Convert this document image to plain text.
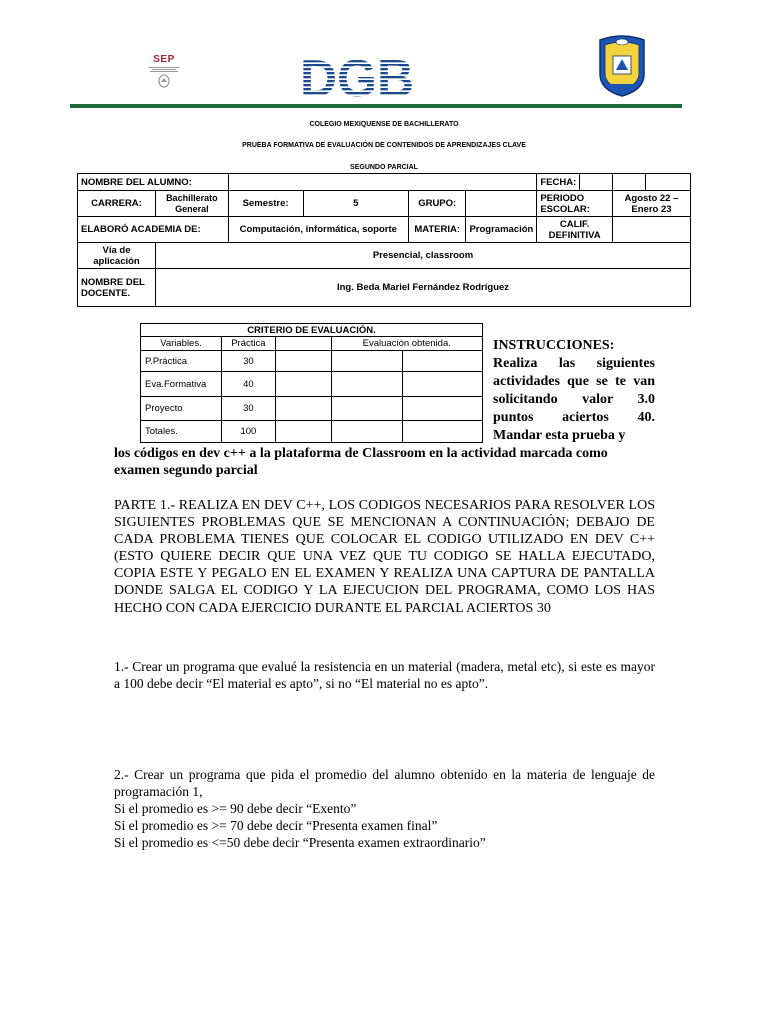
SEP DGB
COLEGIO MEXIQUENSE DE BACHILLERATO
PRUEBA FORMATIVA DE EVALUACIÓN DE CONTENIDOS DE APRENDIZAJES CLAVE
SEGUNDO PARCIAL
NOMBRE DEL ALUMNO:						FECHA:		

CARRERA:	Bachillerato General	Semestre:	5	GRUPO:		PERIODO ESCOLAR:		Agosto 22 – Enero 23
ELABORÓ ACADEMIA DE:		Computación, informática, soporte		MATERIA:	Programación	CALIF. DEFINITIVA		
Vía de aplicación	Presencial, classroom							
NOMBRE DEL DOCENTE.	Ing. Beda Mariel Fernández Rodríguez							
CRITERIO DE EVALUACIÓN.				
Variables.	Práctica		Evaluación obtenida.	
P.Práctica	30			
Eva.Formativa	40			
Proyecto	30			
Totales.	100			
INSTRUCCIONES:
Realiza las siguientes actividades que se te van solicitando valor 3.0 puntos aciertos 40. Mandar esta prueba y
los códigos en dev c++ a la plataforma de Classroom en la actividad marcada como examen segundo parcial
PARTE 1.- REALIZA EN DEV C++, LOS CODIGOS NECESARIOS PARA RESOLVER LOS SIGUIENTES PROBLEMAS QUE SE MENCIONAN A CONTINUACIÓN; DEBAJO DE CADA PROBLEMA TIENES QUE COLOCAR EL CODIGO UTILIZADO EN DEV C++ (ESTO QUIERE DECIR QUE UNA VEZ QUE TU CODIGO SE HALLA EJECUTADO, COPIA ESTE Y PEGALO EN EL EXAMEN Y REALIZA UNA CAPTURA DE PANTALLA DONDE SALGA EL CODIGO Y LA EJECUCION DEL PROGRAMA, COMO LOS HAS HECHO CON CADA EJERCICIO DURANTE EL PARCIAL ACIERTOS 30
1.- Crear un programa que evalué la resistencia en un material (madera, metal etc), si este es mayor a 100 debe decir “El material es apto”, si no “El material no es apto”.
2.- Crear un programa que pida el promedio del alumno obtenido en la materia de lenguaje de programación 1,
Si el promedio es >= 90 debe decir “Exento”
Si el promedio es >= 70 debe decir “Presenta examen final”
Si el promedio es <=50 debe decir “Presenta examen extraordinario”
